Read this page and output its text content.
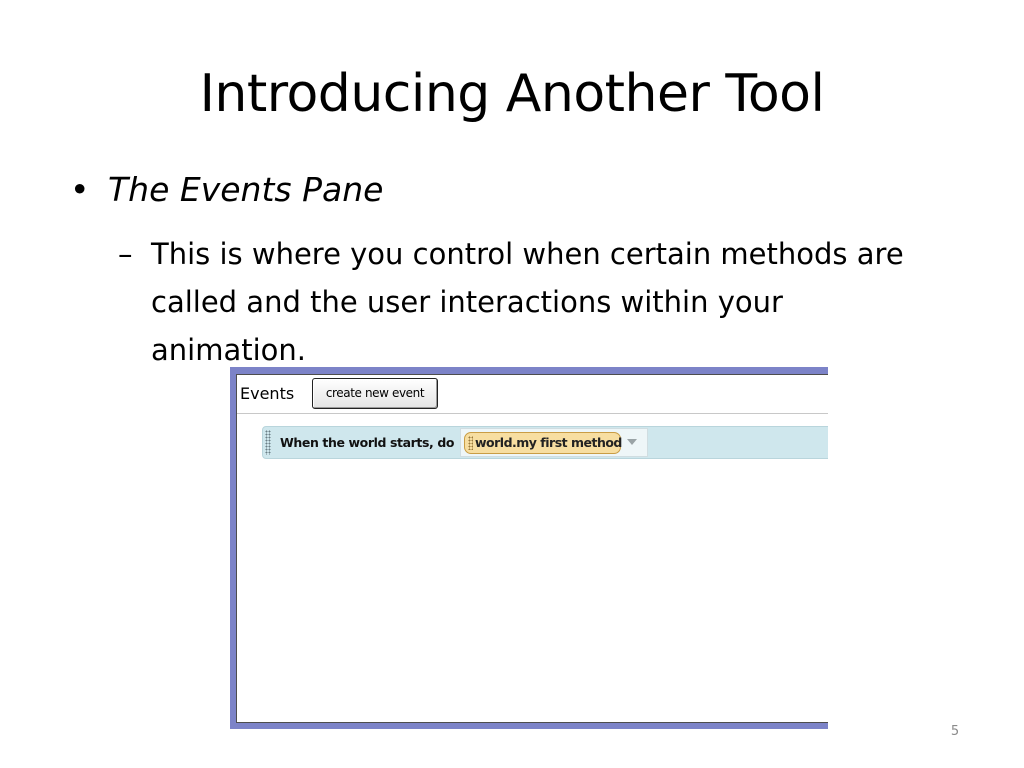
Introducing Another Tool
• The Events Pane
– This is where you control when certain methods are called and the user interactions within your animation.
Events	create new event
When the world starts, do world.my first method
5
